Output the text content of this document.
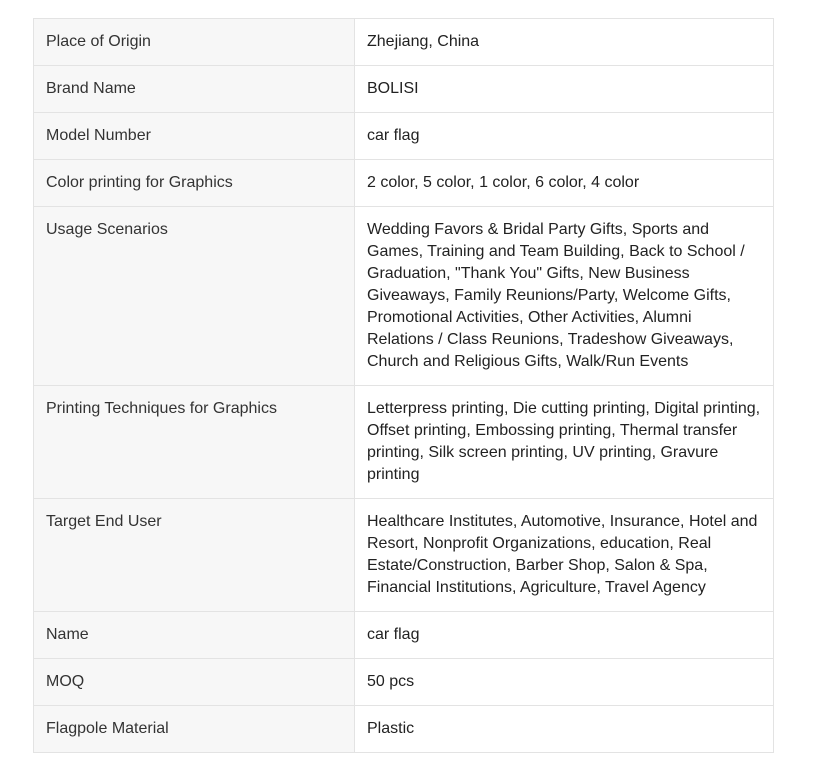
Place of Origin	Zhejiang, China
Brand Name	BOLISI
Model Number	car flag
Color printing for Graphics	2 color, 5 color, 1 color, 6 color, 4 color
Usage Scenarios	Wedding Favors & Bridal Party Gifts, Sports and Games, Training and Team Building, Back to School / Graduation, "Thank You" Gifts, New Business Giveaways, Family Reunions/Party, Welcome Gifts, Promotional Activities, Other Activities, Alumni Relations / Class Reunions, Tradeshow Giveaways, Church and Religious Gifts, Walk/Run Events
Printing Techniques for Graphics	Letterpress printing, Die cutting printing, Digital printing, Offset printing, Embossing printing, Thermal transfer printing, Silk screen printing, UV printing, Gravure printing
Target End User	Healthcare Institutes, Automotive, Insurance, Hotel and Resort, Nonprofit Organizations, education, Real Estate/Construction, Barber Shop, Salon & Spa, Financial Institutions, Agriculture, Travel Agency
Name	car flag
MOQ	50 pcs
Flagpole Material	Plastic
